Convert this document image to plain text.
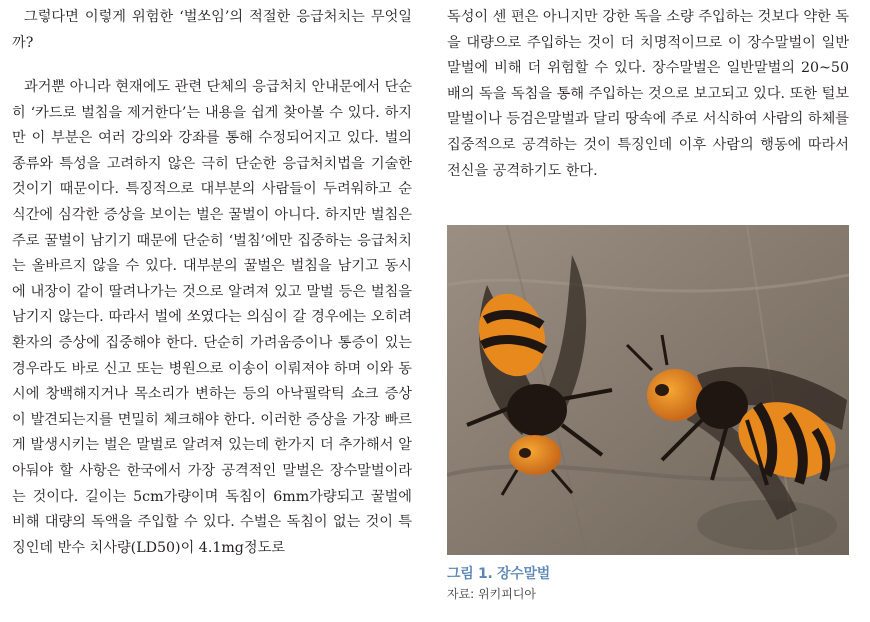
그렇다면 이렇게 위험한 ‘벌쏘임’의 적절한 응급처치는 무엇일까?

과거뿐 아니라 현재에도 관련 단체의 응급처치 안내문에서 단순히 ‘카드로 벌침을 제거한다’는 내용을 쉽게 찾아볼 수 있다. 하지만 이 부분은 여러 강의와 강좌를 통해 수정되어지고 있다. 벌의 종류와 특성을 고려하지 않은 극히 단순한 응급처치법을 기술한 것이기 때문이다. 특징적으로 대부분의 사람들이 두려워하고 순식간에 심각한 증상을 보이는 벌은 꿀벌이 아니다. 하지만 벌침은 주로 꿀벌이 남기기 때문에 단순히 ‘벌침’에만 집중하는 응급처치는 올바르지 않을 수 있다. 대부분의 꿀벌은 벌침을 남기고 동시에 내장이 같이 딸려나가는 것으로 알려져 있고 말벌 등은 벌침을 남기지 않는다. 따라서 벌에 쏘였다는 의심이 갈 경우에는 오히려 환자의 증상에 집중해야 한다. 단순히 가려움증이나 통증이 있는 경우라도 바로 신고 또는 병원으로 이송이 이뤄져야 하며 이와 동시에 창백해지거나 목소리가 변하는 등의 아낙필락틱 쇼크 증상이 발견되는지를 면밀히 체크해야 한다. 이러한 증상을 가장 빠르게 발생시키는 벌은 말벌로 알려져 있는데 한가지 더 추가해서 알아둬야 할 사항은 한국에서 가장 공격적인 말벌은 장수말벌이라는 것이다. 길이는 5cm가량이며 독침이 6mm가량되고 꿀벌에 비해 대량의 독액을 주입할 수 있다. 수벌은 독침이 없는 것이 특징인데 반수 치사량(LD50)이 4.1mg정도로

독성이 센 편은 아니지만 강한 독을 소량 주입하는 것보다 약한 독을 대량으로 주입하는 것이 더 치명적이므로 이 장수말벌이 일반말벌에 비해 더 위험할 수 있다. 장수말벌은 일반말벌의 20~50배의 독을 독침을 통해 주입하는 것으로 보고되고 있다. 또한 털보말벌이나 등검은말벌과 달리 땅속에 주로 서식하여 사람의 하체를 집중적으로 공격하는 것이 특징인데 이후 사람의 행동에 따라서 전신을 공격하기도 한다.

그림 1. 장수말벌
자료: 위키피디아
